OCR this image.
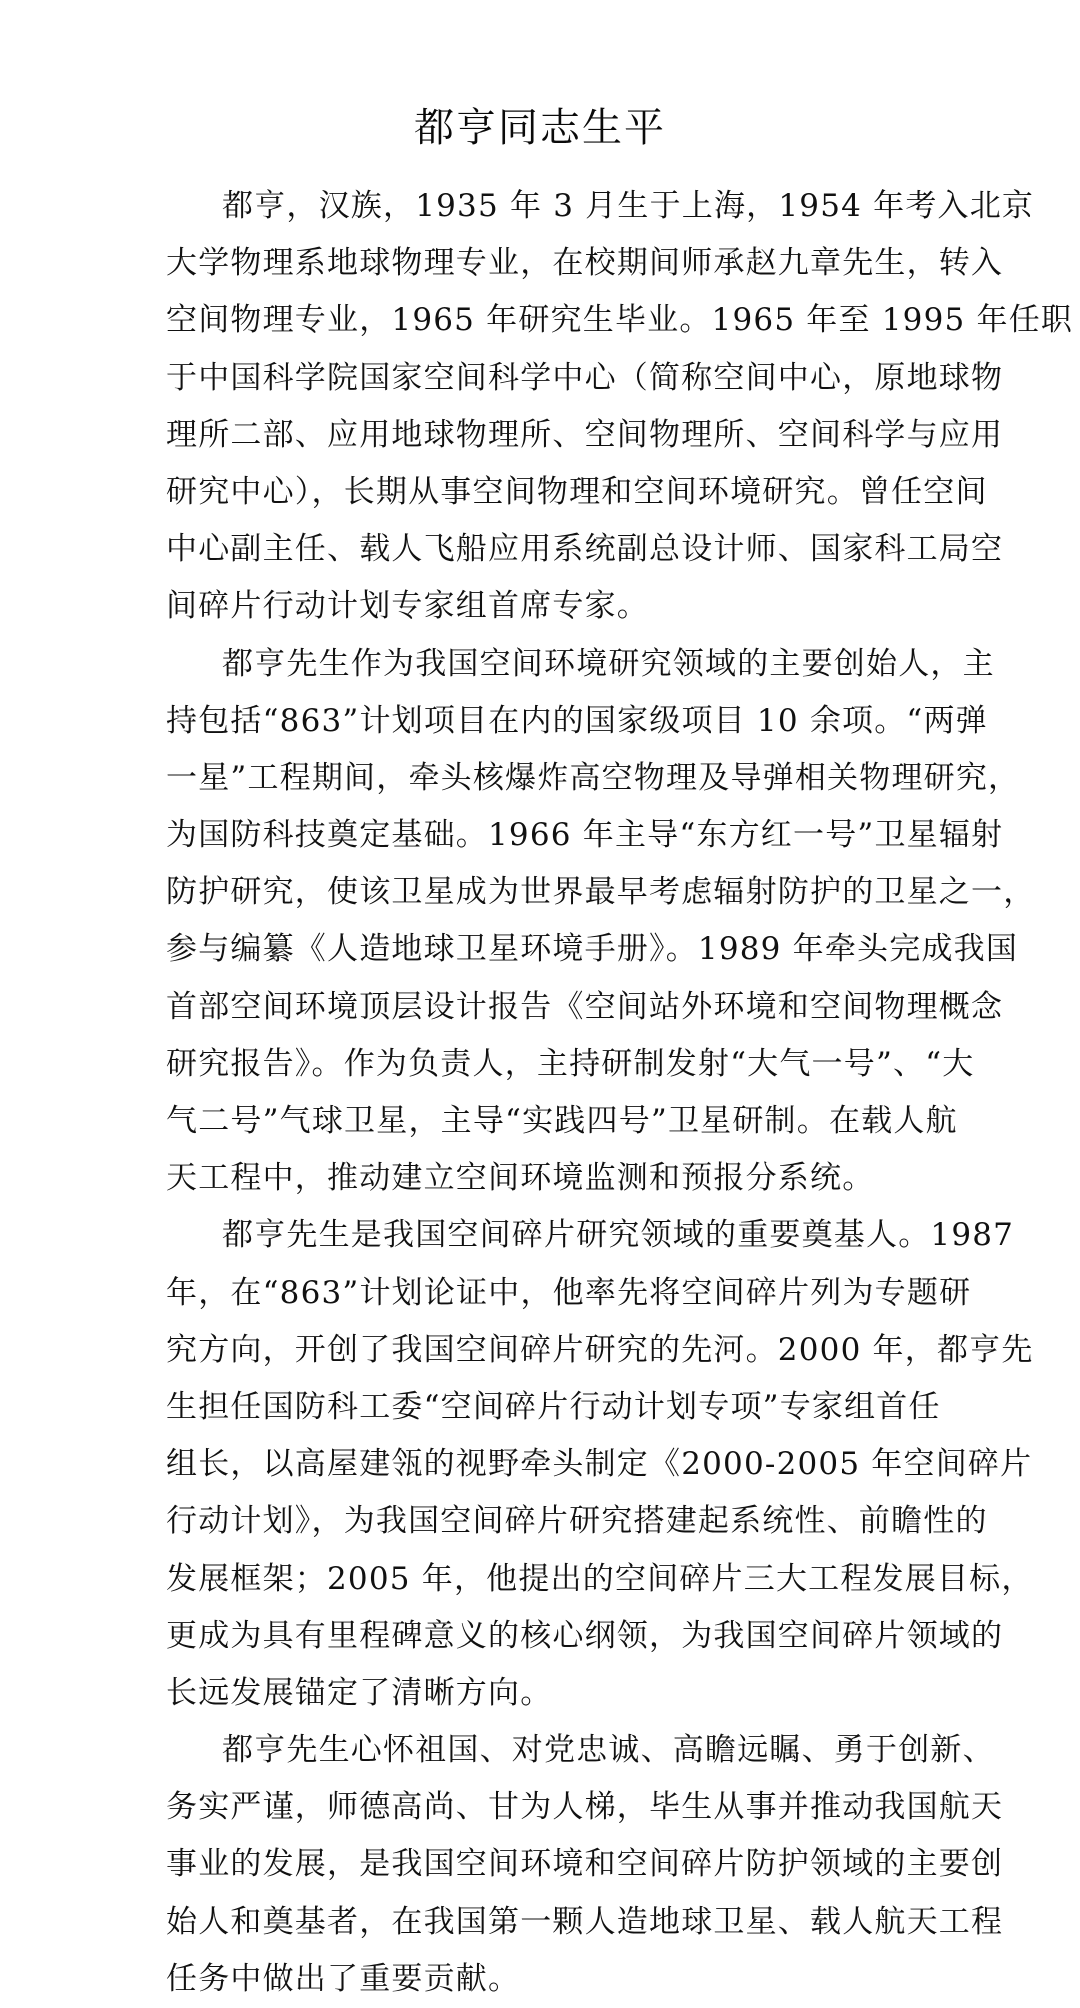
都亨同志生平
都亨，汉族，1935 年 3 月生于上海，1954 年考入北京
大学物理系地球物理专业，在校期间师承赵九章先生，转入
空间物理专业，1965 年研究生毕业。1965 年至 1995 年任职
于中国科学院国家空间科学中心（简称空间中心，原地球物
理所二部、应用地球物理所、空间物理所、空间科学与应用
研究中心），长期从事空间物理和空间环境研究。曾任空间
中心副主任、载人飞船应用系统副总设计师、国家科工局空
间碎片行动计划专家组首席专家。
都亨先生作为我国空间环境研究领域的主要创始人，主
持包括“863”计划项目在内的国家级项目 10 余项。“两弹
一星”工程期间，牵头核爆炸高空物理及导弹相关物理研究，
为国防科技奠定基础。1966 年主导“东方红一号”卫星辐射
防护研究，使该卫星成为世界最早考虑辐射防护的卫星之一，
参与编纂《人造地球卫星环境手册》。1989 年牵头完成我国
首部空间环境顶层设计报告《空间站外环境和空间物理概念
研究报告》。作为负责人，主持研制发射“大气一号”、“大
气二号”气球卫星，主导“实践四号”卫星研制。在载人航
天工程中，推动建立空间环境监测和预报分系统。
都亨先生是我国空间碎片研究领域的重要奠基人。1987
年，在“863”计划论证中，他率先将空间碎片列为专题研
究方向，开创了我国空间碎片研究的先河。2000 年，都亨先
生担任国防科工委“空间碎片行动计划专项”专家组首任
组长，以高屋建瓴的视野牵头制定《2000-2005 年空间碎片
行动计划》，为我国空间碎片研究搭建起系统性、前瞻性的
发展框架；2005 年，他提出的空间碎片三大工程发展目标，
更成为具有里程碑意义的核心纲领，为我国空间碎片领域的
长远发展锚定了清晰方向。
都亨先生心怀祖国、对党忠诚、高瞻远瞩、勇于创新、
务实严谨，师德高尚、甘为人梯，毕生从事并推动我国航天
事业的发展，是我国空间环境和空间碎片防护领域的主要创
始人和奠基者，在我国第一颗人造地球卫星、载人航天工程
任务中做出了重要贡献。
